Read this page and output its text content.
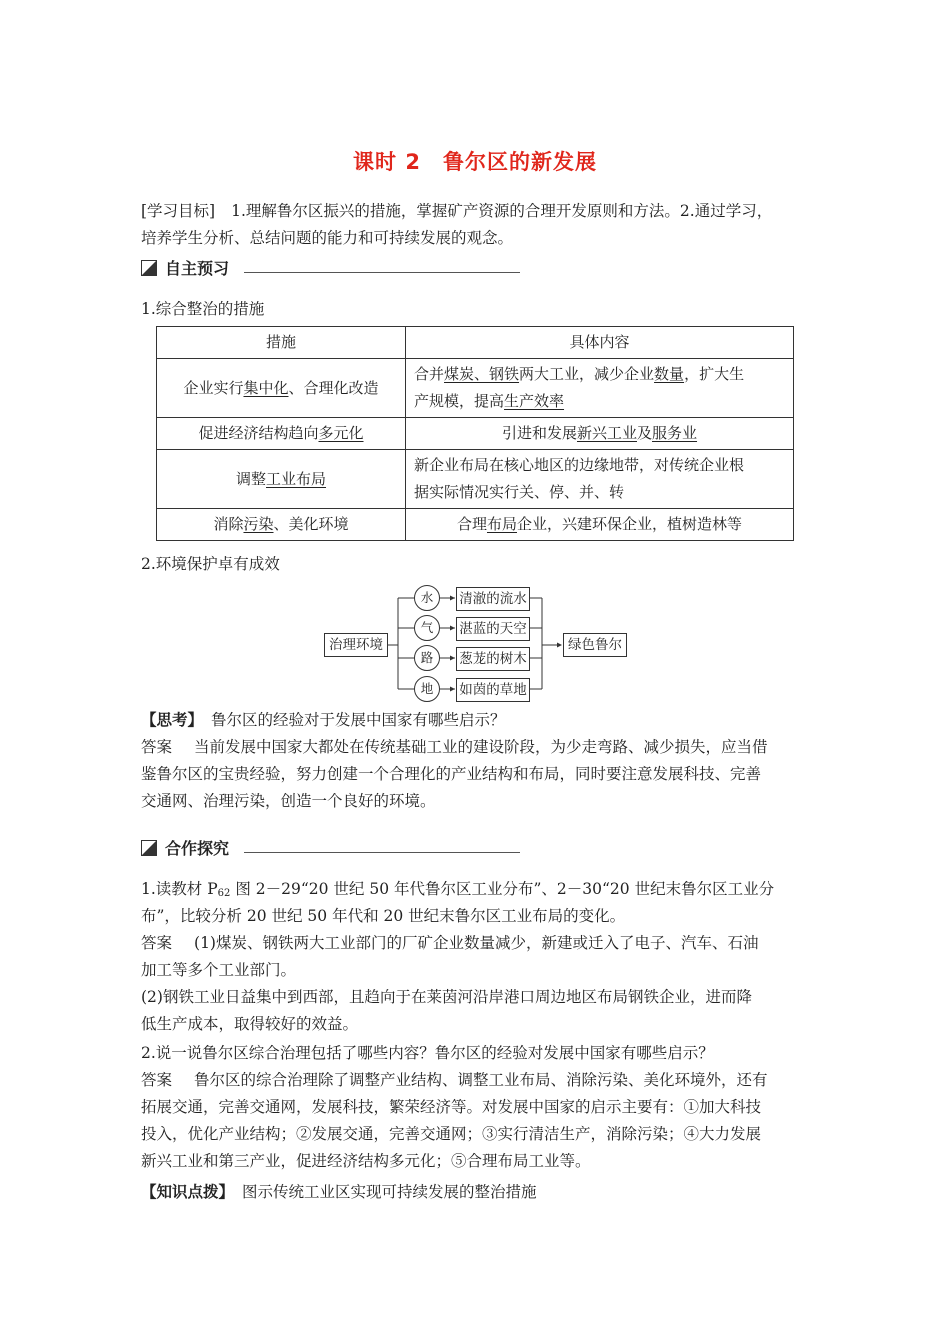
课时 2　鲁尔区的新发展
[学习目标] 1.理解鲁尔区振兴的措施，掌握矿产资源的合理开发原则和方法。2.通过学习，
培养学生分析、总结问题的能力和可持续发展的观念。
自主预习
1.综合整治的措施
措施	具体内容
企业实行集中化、合理化改造	合并煤炭、钢铁两大工业，减少企业数量，扩大生
产规模，提高生产效率

促进经济结构趋向多元化	引进和发展新兴工业及服务业
调整工业布局	新企业布局在核心地区的边缘地带，对传统企业根
据实际情况实行关、停、并、转

消除污染、美化环境	合理布局企业，兴建环保企业，植树造林等
2.环境保护卓有成效
治理环境
水
气
路
地
清澈的流水
湛蓝的天空
葱茏的树木
如茵的草地
绿色鲁尔
【思考】 鲁尔区的经验对于发展中国家有哪些启示？
答案 当前发展中国家大都处在传统基础工业的建设阶段，为少走弯路、减少损失，应当借
鉴鲁尔区的宝贵经验，努力创建一个合理化的产业结构和布局，同时要注意发展科技、完善
交通网、治理污染，创造一个良好的环境。
合作探究
1.读教材 $P_{62}$ 图 2－29“20 世纪 50 年代鲁尔区工业分布”、2－30“20 世纪末鲁尔区工业分
布”，比较分析 20 世纪 50 年代和 20 世纪末鲁尔区工业布局的变化。
答案 (1)煤炭、钢铁两大工业部门的厂矿企业数量减少，新建或迁入了电子、汽车、石油
加工等多个工业部门。
(2)钢铁工业日益集中到西部，且趋向于在莱茵河沿岸港口周边地区布局钢铁企业，进而降
低生产成本，取得较好的效益。
2.说一说鲁尔区综合治理包括了哪些内容？鲁尔区的经验对发展中国家有哪些启示？
答案 鲁尔区的综合治理除了调整产业结构、调整工业布局、消除污染、美化环境外，还有
拓展交通，完善交通网，发展科技，繁荣经济等。对发展中国家的启示主要有：①加大科技
投入，优化产业结构；②发展交通，完善交通网；③实行清洁生产，消除污染；④大力发展
新兴工业和第三产业，促进经济结构多元化；⑤合理布局工业等。
【知识点拨】 图示传统工业区实现可持续发展的整治措施
